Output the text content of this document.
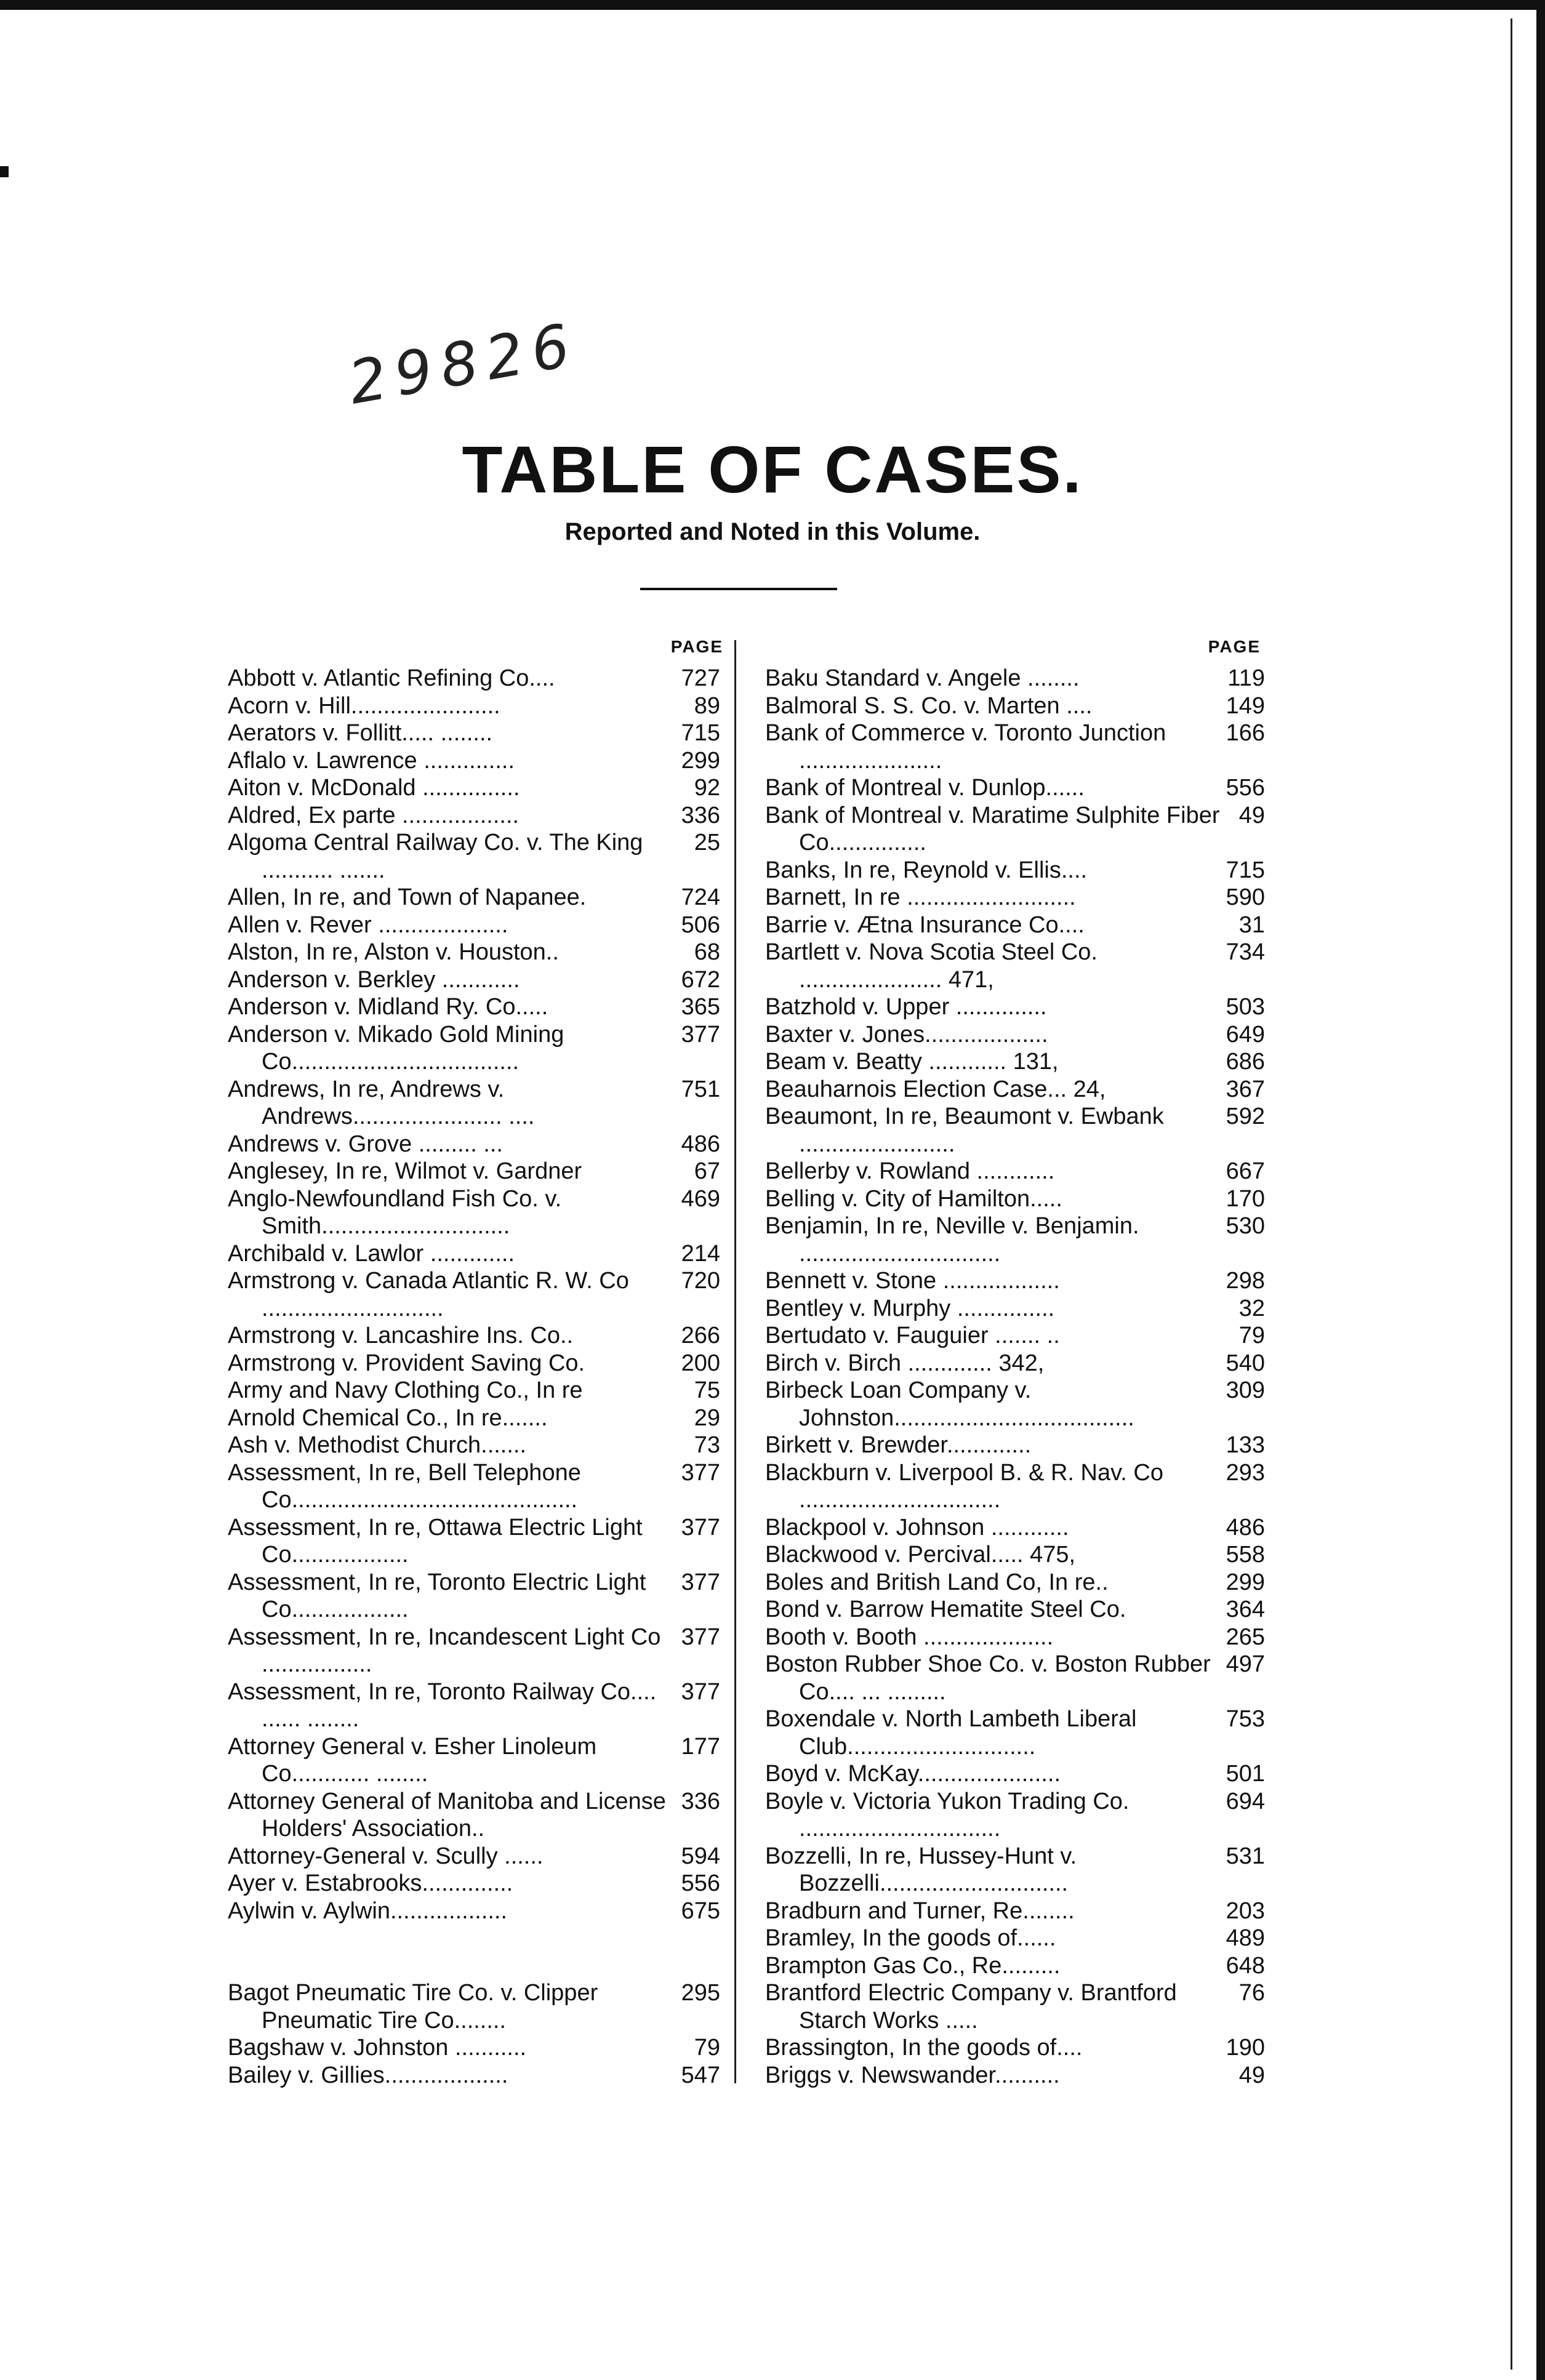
29826
TABLE OF CASES.
Reported and Noted in this Volume.
PAGE	PAGE
727
Abbott v. Atlantic Refining Co....
89
Acorn v. Hill.......................
715
Aerators v. Follitt..... ........
299
Aflalo v. Lawrence ..............
92
Aiton v. McDonald ...............
336
Aldred, Ex parte ..................
25
Algoma Central Railway Co. v. The King ........... .......
724
Allen, In re, and Town of Napanee.
506
Allen v. Rever ....................
68
Alston, In re, Alston v. Houston..
672
Anderson v. Berkley ............
365
Anderson v. Midland Ry. Co.....
377
Anderson v. Mikado Gold Mining Co...................................
751
Andrews, In re, Andrews v. Andrews....................... ....
486
Andrews v. Grove ......... ...
67
Anglesey, In re, Wilmot v. Gardner
469
Anglo-Newfoundland Fish Co. v. Smith.............................
214
Archibald v. Lawlor .............
720
Armstrong v. Canada Atlantic R. W. Co ............................
266
Armstrong v. Lancashire Ins. Co..
200
Armstrong v. Provident Saving Co.
75
Army and Navy Clothing Co., In re
29
Arnold Chemical Co., In re.......
73
Ash v. Methodist Church.......
377
Assessment, In re, Bell Telephone Co............................................
377
Assessment, In re, Ottawa Electric Light Co..................
377
Assessment, In re, Toronto Electric Light Co..................
377
Assessment, In re, Incandescent Light Co .................
377
Assessment, In re, Toronto Railway Co.... ...... ........
177
Attorney General v. Esher Linoleum Co............ ........
336
Attorney General of Manitoba and License Holders' Association..
594
Attorney-General v. Scully ......
556
Ayer v. Estabrooks..............
675
Aylwin v. Aylwin..................
295
Bagot Pneumatic Tire Co. v. Clipper Pneumatic Tire Co........
79
Bagshaw v. Johnston ...........
547
Bailey v. Gillies...................
119
Baku Standard v. Angele ........
149
Balmoral S. S. Co. v. Marten ....
166
Bank of Commerce v. Toronto Junction ......................
556
Bank of Montreal v. Dunlop......
49
Bank of Montreal v. Maratime Sulphite Fiber Co...............
715
Banks, In re, Reynold v. Ellis....
590
Barnett, In re ..........................
31
Barrie v. Ætna Insurance Co....
734
Bartlett v. Nova Scotia Steel Co. ...................... 471,
503
Batzhold v. Upper ..............
649
Baxter v. Jones...................
686
Beam v. Beatty ............ 131,
367
Beauharnois Election Case... 24,
592
Beaumont, In re, Beaumont v. Ewbank ........................
667
Bellerby v. Rowland ............
170
Belling v. City of Hamilton.....
530
Benjamin, In re, Neville v. Benjamin. ...............................
298
Bennett v. Stone ..................
32
Bentley v. Murphy ...............
79
Bertudato v. Fauguier ....... ..
540
Birch v. Birch ............. 342,
309
Birbeck Loan Company v. Johnston.....................................
133
Birkett v. Brewder.............
293
Blackburn v. Liverpool B. & R. Nav. Co ...............................
486
Blackpool v. Johnson ............
558
Blackwood v. Percival..... 475,
299
Boles and British Land Co, In re..
364
Bond v. Barrow Hematite Steel Co.
265
Booth v. Booth ....................
497
Boston Rubber Shoe Co. v. Boston Rubber Co.... ... .........
753
Boxendale v. North Lambeth Liberal Club.............................
501
Boyd v. McKay......................
694
Boyle v. Victoria Yukon Trading Co. ...............................
531
Bozzelli, In re, Hussey-Hunt v. Bozzelli.............................
203
Bradburn and Turner, Re........
489
Bramley, In the goods of......
648
Brampton Gas Co., Re.........
76
Brantford Electric Company v. Brantford Starch Works .....
190
Brassington, In the goods of....
49
Briggs v. Newswander..........
